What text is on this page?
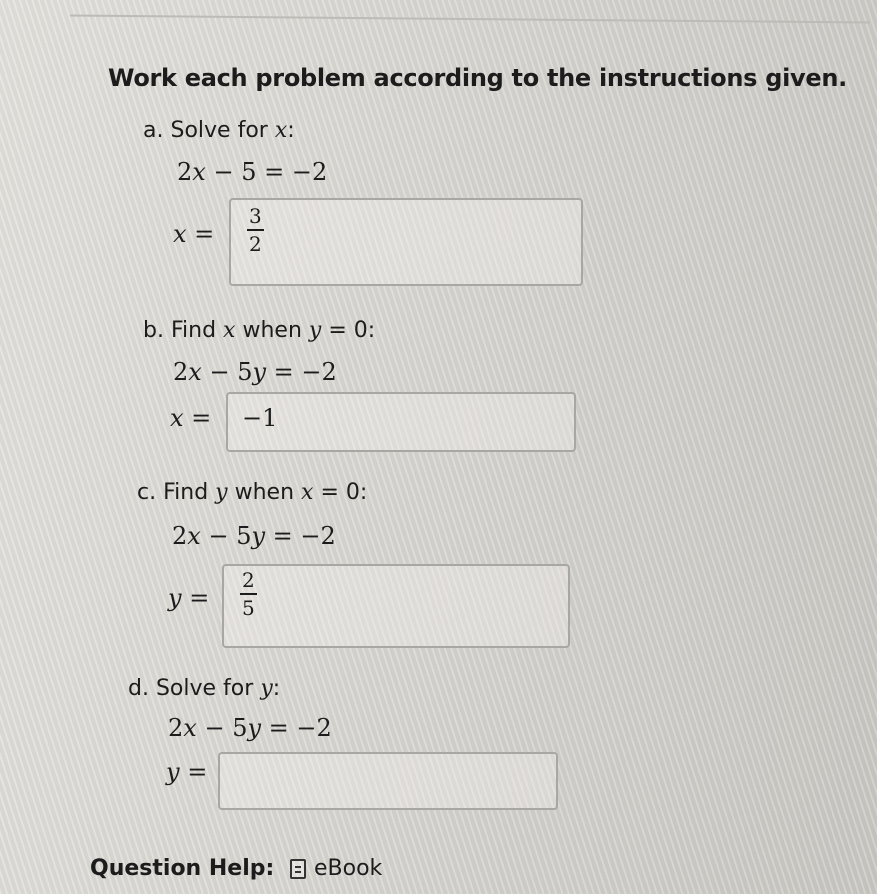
Work each problem according to the instructions given.
a. Solve for x:
2x − 5 = −2
x =
3
2
b. Find x when y = 0:
2x − 5y = −2
x = −1
c. Find y when x = 0:
2x − 5y = −2
y =
2
5
d. Solve for y:
2x − 5y = −2
y =
Question Help: eBook
